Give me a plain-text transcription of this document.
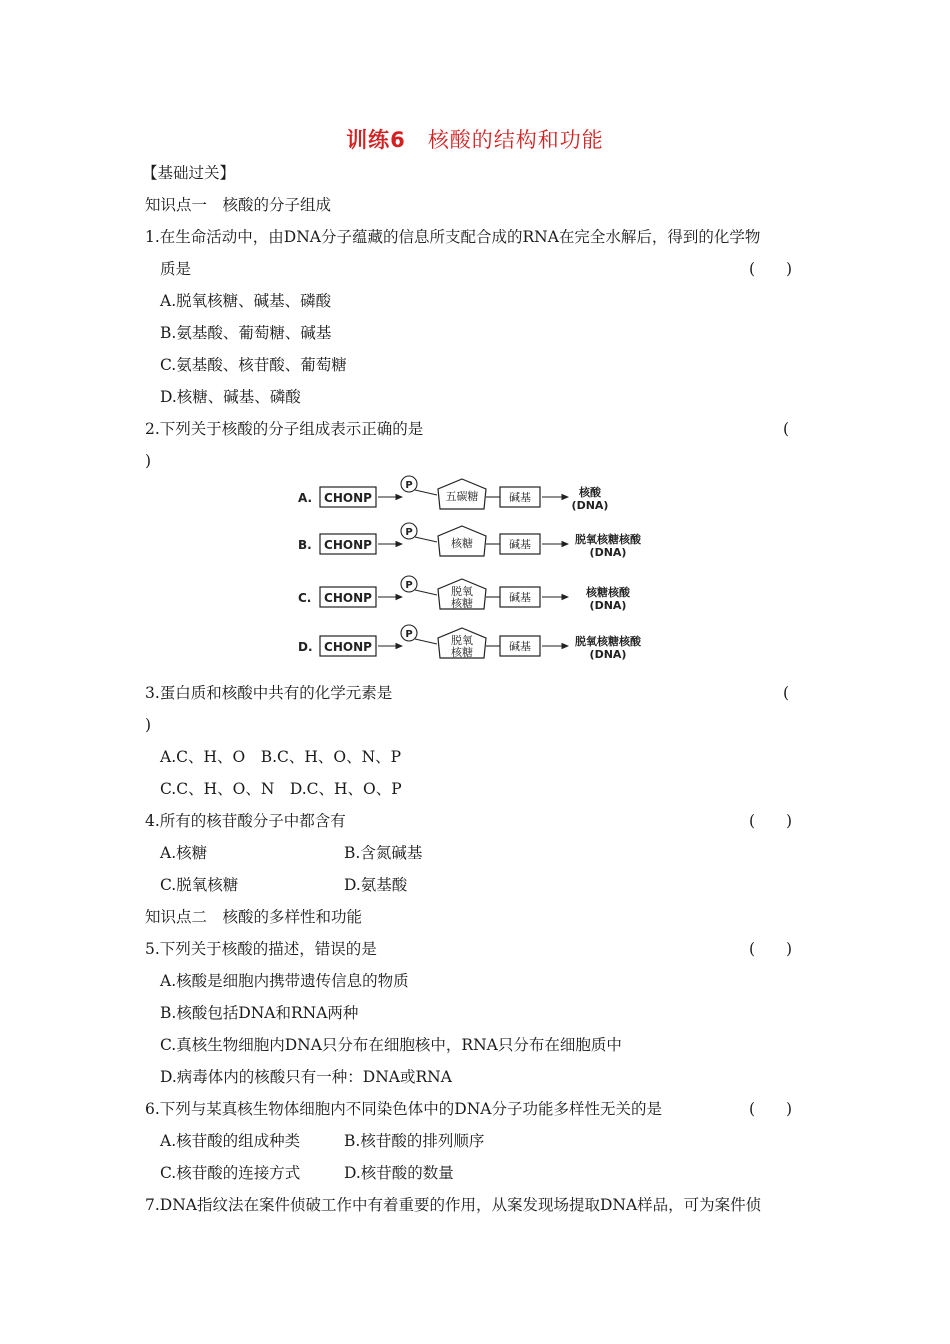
训练6 核酸的结构和功能
【基础过关】
知识点一　核酸的分子组成
1.在生命活动中，由DNA分子蕴藏的信息所支配合成的RNA在完全水解后，得到的化学物
质是	(　　)
A.脱氧核糖、碱基、磷酸
B.氨基酸、葡萄糖、碱基
C.氨基酸、核苷酸、葡萄糖
D.核糖、碱基、磷酸
2.下列关于核酸的分子组成表示正确的是	(
)
A. CHONP
P
五碳糖	碱基	核酸
(DNA)
B. CHONP
P
核糖	碱基	脱氧核糖核酸
(DNA)
C. CHONP
P	脱氧
核糖	碱基	核糖核酸
(DNA)
D. CHONP
P	脱氧
核糖	碱基	脱氧核糖核酸
(DNA)
3.蛋白质和核酸中共有的化学元素是	(
)
A.C、H、O　B.C、H、O、N、P
C.C、H、O、N　D.C、H、O、P
4.所有的核苷酸分子中都含有	(　　)
A.核糖	B.含氮碱基
C.脱氧核糖	D.氨基酸
知识点二　核酸的多样性和功能
5.下列关于核酸的描述，错误的是	(　　)
A.核酸是细胞内携带遗传信息的物质
B.核酸包括DNA和RNA两种
C.真核生物细胞内DNA只分布在细胞核中，RNA只分布在细胞质中
D.病毒体内的核酸只有一种：DNA或RNA
6.下列与某真核生物体细胞内不同染色体中的DNA分子功能多样性无关的是	(　　)
A.核苷酸的组成种类	B.核苷酸的排列顺序
C.核苷酸的连接方式	D.核苷酸的数量
7.DNA指纹法在案件侦破工作中有着重要的作用，从案发现场提取DNA样品，可为案件侦
